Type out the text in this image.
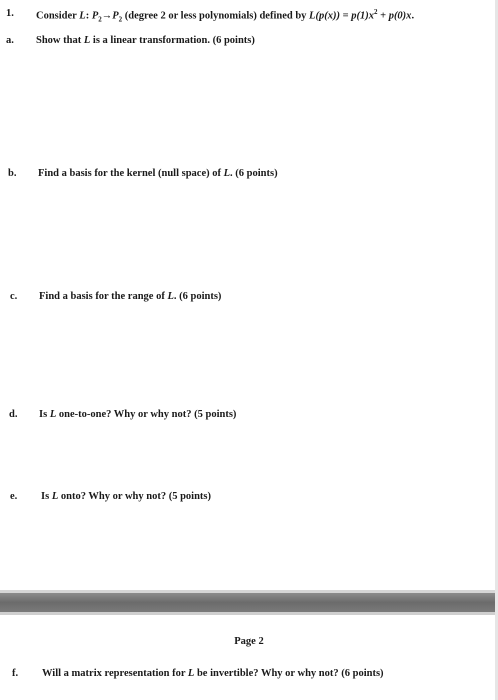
1. Consider L: $P_2\to P_2$ (degree 2 or less polynomials) defined by $L(p(x)) = p(1)x^2 + p(0)x$.
a. Show that L is a linear transformation. (6 points)
b. Find a basis for the kernel (null space) of L. (6 points)
c. Find a basis for the range of L. (6 points)
d. Is L one-to-one? Why or why not? (5 points)
e. Is L onto? Why or why not? (5 points)
Page 2
f. Will a matrix representation for L be invertible? Why or why not? (6 points)
